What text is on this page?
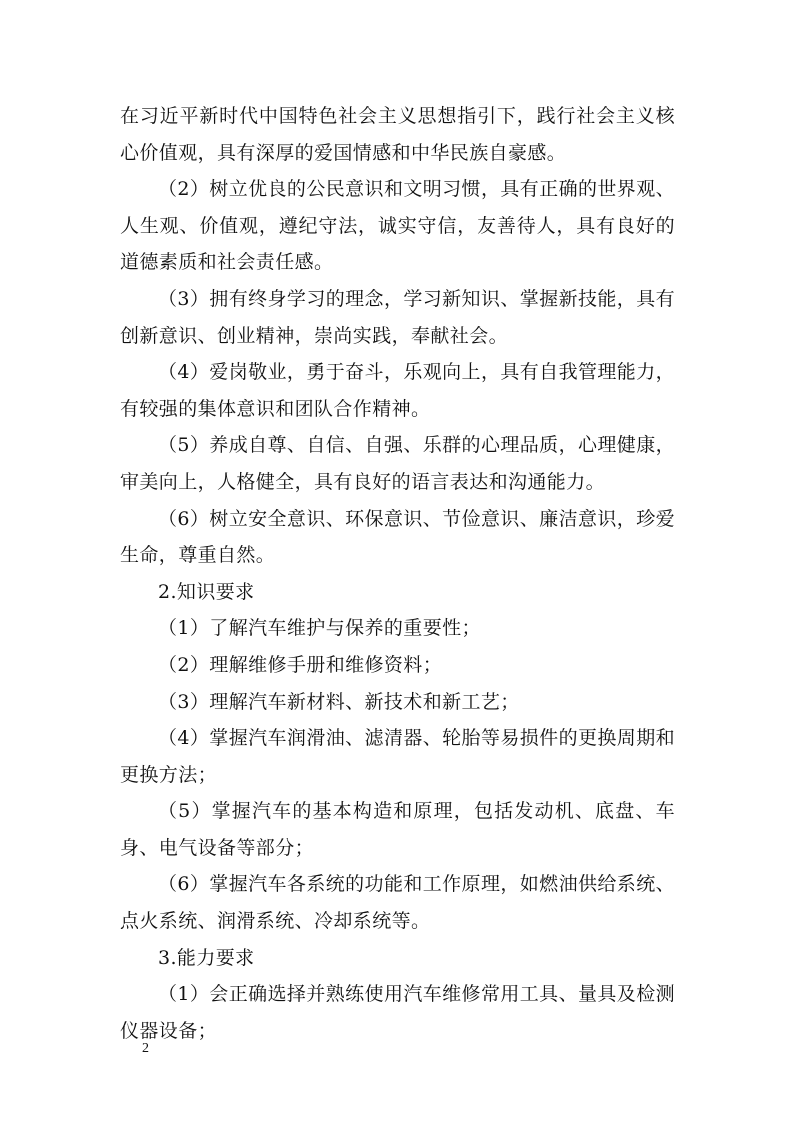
在习近平新时代中国特色社会主义思想指引下，践行社会主义核心价值观，具有深厚的爱国情感和中华民族自豪感。

（2）树立优良的公民意识和文明习惯，具有正确的世界观、人生观、价值观，遵纪守法，诚实守信，友善待人，具有良好的道德素质和社会责任感。

（3）拥有终身学习的理念，学习新知识、掌握新技能，具有创新意识、创业精神，崇尚实践，奉献社会。

（4）爱岗敬业，勇于奋斗，乐观向上，具有自我管理能力，有较强的集体意识和团队合作精神。

（5）养成自尊、自信、自强、乐群的心理品质，心理健康，审美向上，人格健全，具有良好的语言表达和沟通能力。

（6）树立安全意识、环保意识、节俭意识、廉洁意识，珍爱生命，尊重自然。

2.知识要求

（1）了解汽车维护与保养的重要性；

（2）理解维修手册和维修资料；

（3）理解汽车新材料、新技术和新工艺；

（4）掌握汽车润滑油、滤清器、轮胎等易损件的更换周期和更换方法；

（5）掌握汽车的基本构造和原理，包括发动机、底盘、车身、电气设备等部分；

（6）掌握汽车各系统的功能和工作原理，如燃油供给系统、点火系统、润滑系统、冷却系统等。

3.能力要求

（1）会正确选择并熟练使用汽车维修常用工具、量具及检测仪器设备；

2
